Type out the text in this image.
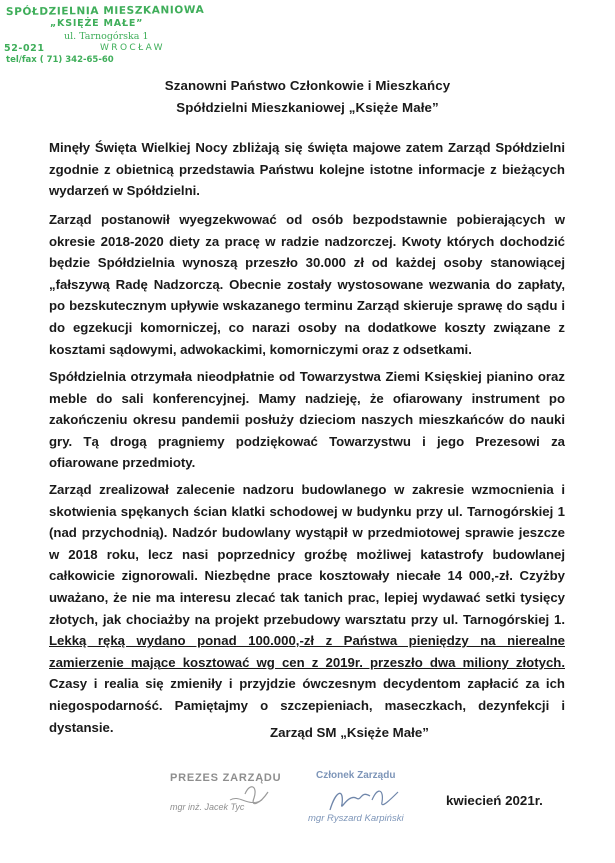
SPÓŁDZIELNIA MIESZKANIOWA
„KSIĘŻE MAŁE”
ul. Tarnogórska 1
52-021	WROCŁAW
tel/fax ( 71) 342-65-60
Szanowni Państwo Członkowie i Mieszkańcy
Spółdzielni Mieszkaniowej „Księże Małe”
Minęły Święta Wielkiej Nocy zbliżają się święta majowe zatem Zarząd Spółdzielni zgodnie z obietnicą przedstawia Państwu kolejne istotne informacje z bieżących wydarzeń w Spółdzielni.
Zarząd postanowił wyegzekwować od osób bezpodstawnie pobierających w okresie 2018-2020 diety za pracę w radzie nadzorczej. Kwoty których dochodzić będzie Spółdzielnia wynoszą przeszło 30.000 zł od każdej osoby stanowiącej „fałszywą Radę Nadzorczą. Obecnie zostały wystosowane wezwania do zapłaty, po bezskutecznym upływie wskazanego terminu Zarząd skieruje sprawę do sądu i do egzekucji komorniczej, co narazi osoby na dodatkowe koszty związane z kosztami sądowymi, adwokackimi, komorniczymi oraz z odsetkami.
Spółdzielnia otrzymała nieodpłatnie od Towarzystwa Ziemi Księskiej pianino oraz meble do sali konferencyjnej. Mamy nadzieję, że ofiarowany instrument po zakończeniu okresu pandemii posłuży dzieciom naszych mieszkańców do nauki gry. Tą drogą pragniemy podziękować Towarzystwu i jego Prezesowi za ofiarowane przedmioty.
Zarząd zrealizował zalecenie nadzoru budowlanego w zakresie wzmocnienia i skotwienia spękanych ścian klatki schodowej w budynku przy ul. Tarnogórskiej 1 (nad przychodnią). Nadzór budowlany wystąpił w przedmiotowej sprawie jeszcze w 2018 roku, lecz nasi poprzednicy groźbę możliwej katastrofy budowlanej całkowicie zignorowali. Niezbędne prace kosztowały niecałe 14 000,-zł. Czyżby uważano, że nie ma interesu zlecać tak tanich prac, lepiej wydawać setki tysięcy złotych, jak chociażby na projekt przebudowy warsztatu przy ul. Tarnogórskiej 1. Lekką ręką wydano ponad 100.000,-zł z Państwa pieniędzy na nierealne zamierzenie mające kosztować wg cen z 2019r. przeszło dwa miliony złotych. Czasy i realia się zmieniły i przyjdzie ówczesnym decydentom zapłacić za ich niegospodarność. Pamiętajmy o szczepieniach, maseczkach, dezynfekcji i dystansie.	Zarząd SM „Księże Małe”
PREZES ZARZĄDU
mgr inż. Jacek Tyc
Członek Zarządu
mgr Ryszard Karpiński
kwiecień 2021r.
